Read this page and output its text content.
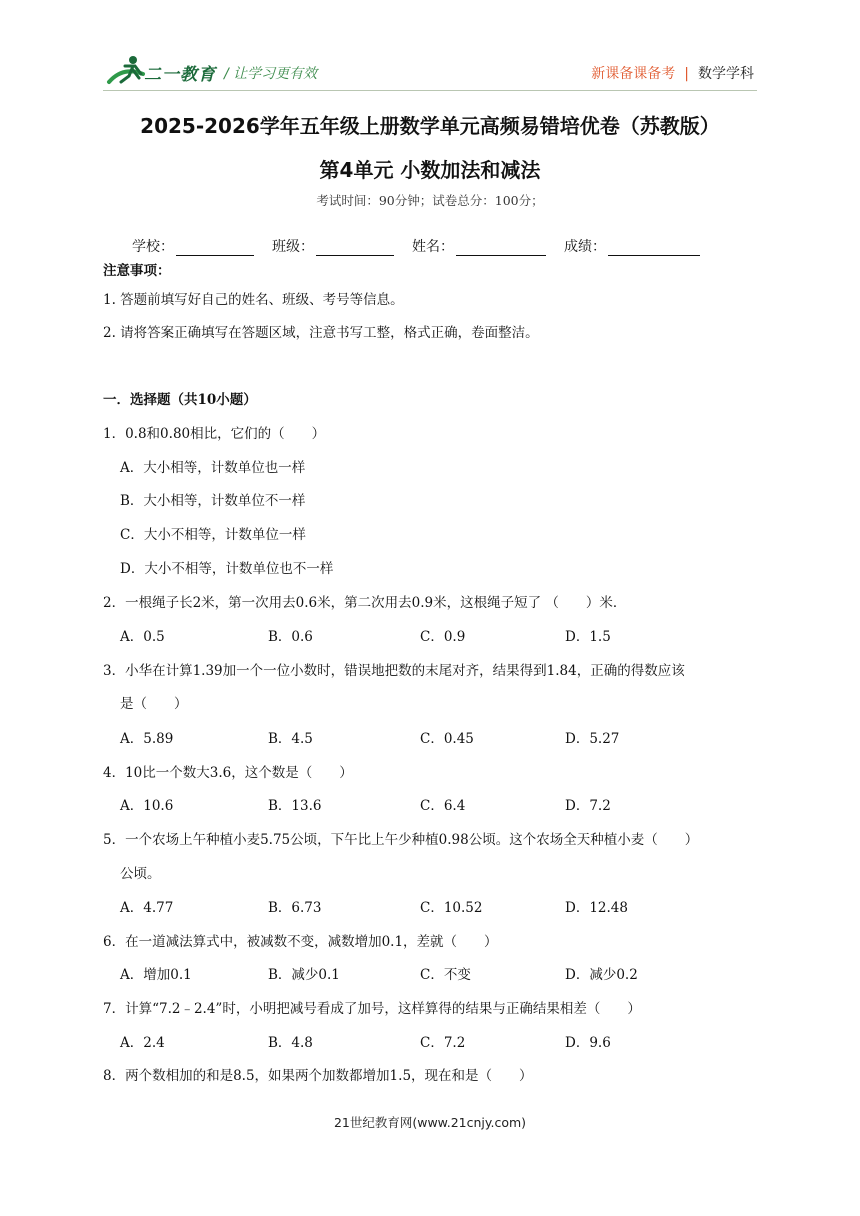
二一教育 / 让学习更有效	新课备课备考 | 数学学科
2025-2026学年五年级上册数学单元高频易错培优卷（苏教版）
第4单元 小数加法和减法
考试时间：90分钟；试卷总分：100分；
学校：	班级：	姓名：	成绩：
注意事项：
1. 答题前填写好自己的姓名、班级、考号等信息。
2. 请将答案正确填写在答题区域，注意书写工整，格式正确，卷面整洁。
一．选择题（共10小题）
1．0.8和0.80相比，它们的（　　）
A．大小相等，计数单位也一样
B．大小相等，计数单位不一样
C．大小不相等，计数单位一样
D．大小不相等，计数单位也不一样
2．一根绳子长2米，第一次用去0.6米，第二次用去0.9米，这根绳子短了 （　　）米．
A．0.5	B．0.6	C．0.9	D．1.5
3．小华在计算1.39加一个一位小数时，错误地把数的末尾对齐，结果得到1.84，正确的得数应该
是（　　）
A．5.89	B．4.5	C．0.45	D．5.27
4．10比一个数大3.6，这个数是（　　）
A．10.6	B．13.6	C．6.4	D．7.2
5．一个农场上午种植小麦5.75公顷，下午比上午少种植0.98公顷。这个农场全天种植小麦（　　）
公顷。
A．4.77	B．6.73	C．10.52	D．12.48
6．在一道减法算式中，被减数不变，减数增加0.1，差就（　　）
A．增加0.1	B．减少0.1	C．不变	D．减少0.2
7．计算“7.2﹣2.4”时，小明把减号看成了加号，这样算得的结果与正确结果相差（　　）
A．2.4	B．4.8	C．7.2	D．9.6
8．两个数相加的和是8.5，如果两个加数都增加1.5，现在和是（　　）
21世纪教育网(www.21cnjy.com)
